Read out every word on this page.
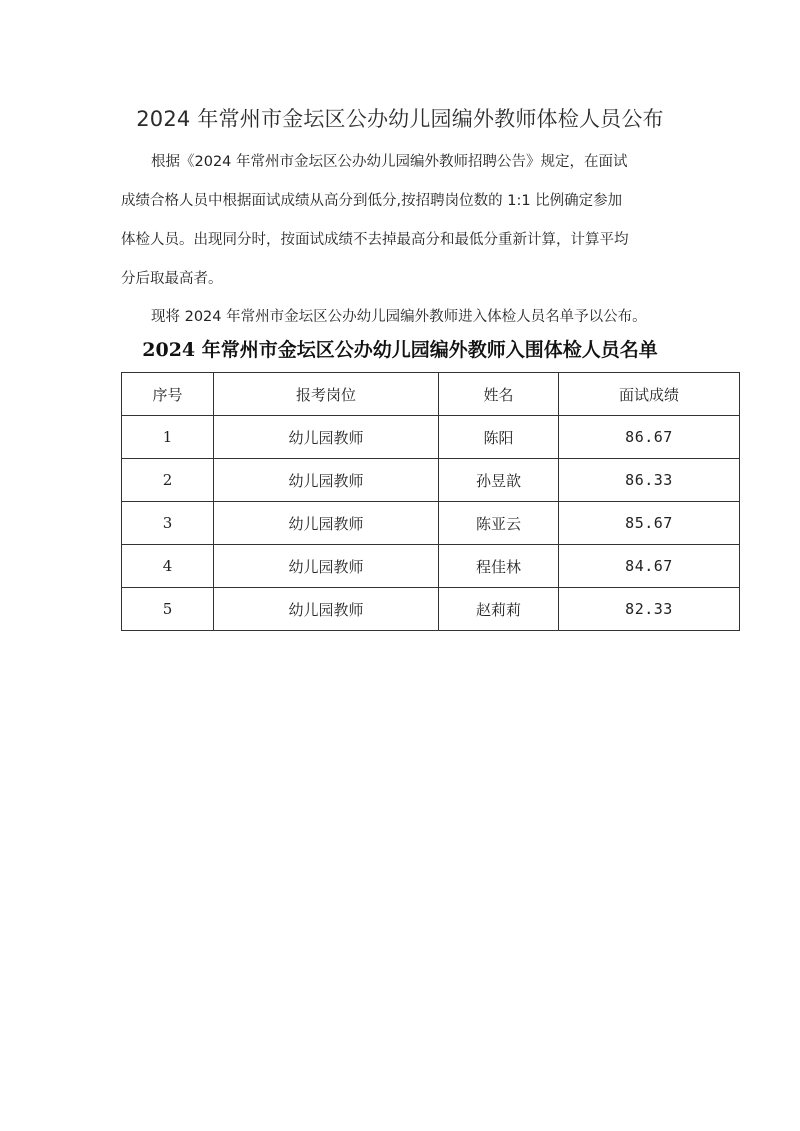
2024 年常州市金坛区公办幼儿园编外教师体检人员公布
根据《2024 年常州市金坛区公办幼儿园编外教师招聘公告》规定，在面试
成绩合格人员中根据面试成绩从高分到低分,按招聘岗位数的 1:1 比例确定参加
体检人员。出现同分时，按面试成绩不去掉最高分和最低分重新计算，计算平均
分后取最高者。
现将 2024 年常州市金坛区公办幼儿园编外教师进入体检人员名单予以公布。
2024 年常州市金坛区公办幼儿园编外教师入围体检人员名单
序号	报考岗位	姓名	面试成绩
1	幼儿园教师	陈阳	86.67
2	幼儿园教师	孙昱歆	86.33
3	幼儿园教师	陈亚云	85.67
4	幼儿园教师	程佳林	84.67
5	幼儿园教师	赵莉莉	82.33
